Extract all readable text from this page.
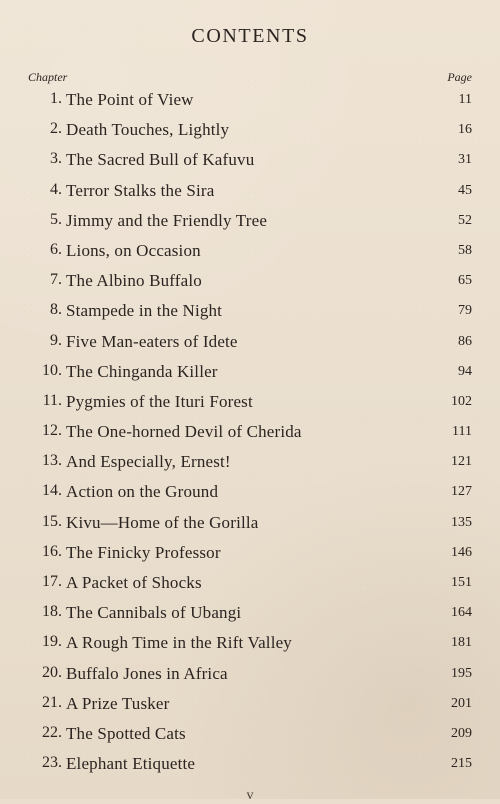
CONTENTS
Chapter	Page
1. The Point of View	11
2. Death Touches, Lightly	16
3. The Sacred Bull of Kafuvu	31
4. Terror Stalks the Sira	45
5. Jimmy and the Friendly Tree	52
6. Lions, on Occasion	58
7. The Albino Buffalo	65
8. Stampede in the Night	79
9. Five Man-eaters of Idete	86
10. The Chinganda Killer	94
11. Pygmies of the Ituri Forest	102
12. The One-horned Devil of Cherida	111
13. And Especially, Ernest!	121
14. Action on the Ground	127
15. Kivu—Home of the Gorilla	135
16. The Finicky Professor	146
17. A Packet of Shocks	151
18. The Cannibals of Ubangi	164
19. A Rough Time in the Rift Valley	181
20. Buffalo Jones in Africa	195
21. A Prize Tusker	201
22. The Spotted Cats	209
23. Elephant Etiquette	215
v
